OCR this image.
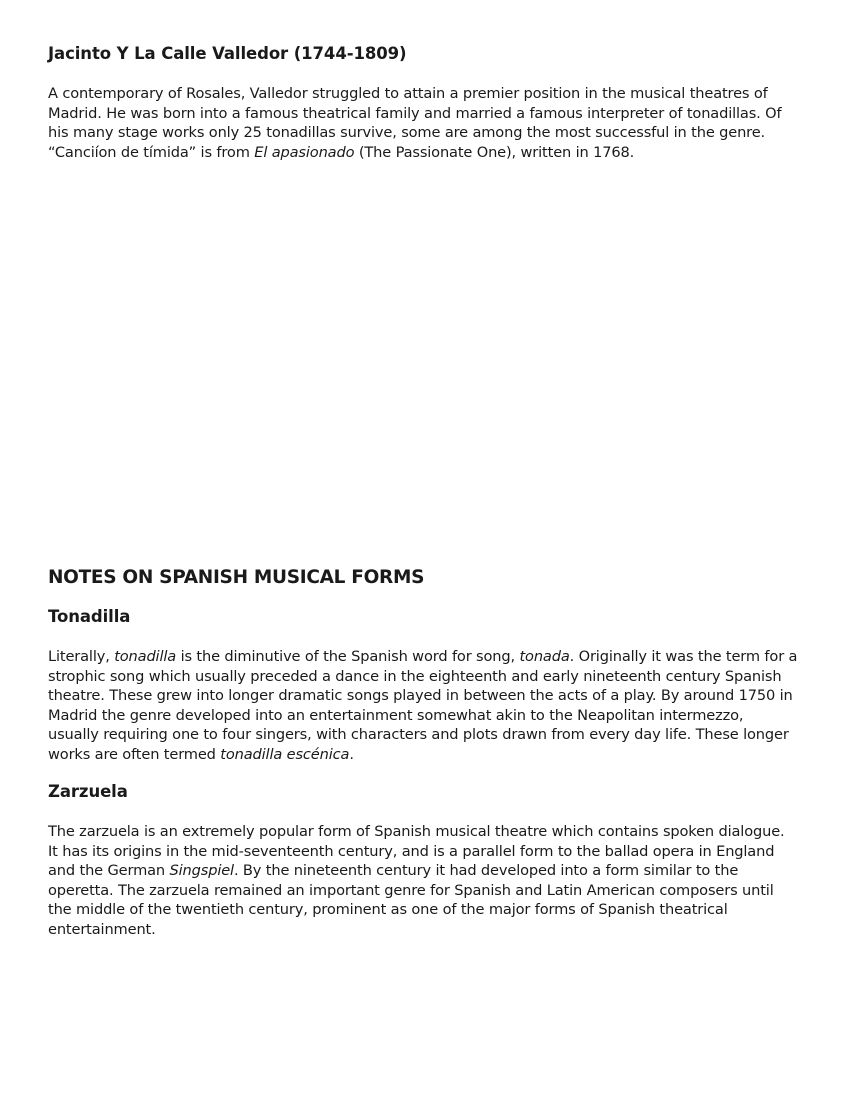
Jacinto Y La Calle Valledor (1744-1809)

A contemporary of Rosales, Valledor struggled to attain a premier position in the musical theatres of Madrid. He was born into a famous theatrical family and married a famous interpreter of tonadillas. Of his many stage works only 25 tonadillas survive, some are among the most successful in the genre. “Canciíon de tímida” is from El apasionado (The Passionate One), written in 1768.

NOTES ON SPANISH MUSICAL FORMS
Tonadilla

Literally, tonadilla is the diminutive of the Spanish word for song, tonada. Originally it was the term for a strophic song which usually preceded a dance in the eighteenth and early nineteenth century Spanish theatre. These grew into longer dramatic songs played in between the acts of a play. By around 1750 in Madrid the genre developed into an entertainment somewhat akin to the Neapolitan intermezzo, usually requiring one to four singers, with characters and plots drawn from every day life. These longer works are often termed tonadilla escénica.

Zarzuela

The zarzuela is an extremely popular form of Spanish musical theatre which contains spoken dialogue. It has its origins in the mid-seventeenth century, and is a parallel form to the ballad opera in England and the German Singspiel. By the nineteenth century it had developed into a form similar to the operetta. The zarzuela remained an important genre for Spanish and Latin American composers until the middle of the twentieth century, prominent as one of the major forms of Spanish theatrical entertainment.
